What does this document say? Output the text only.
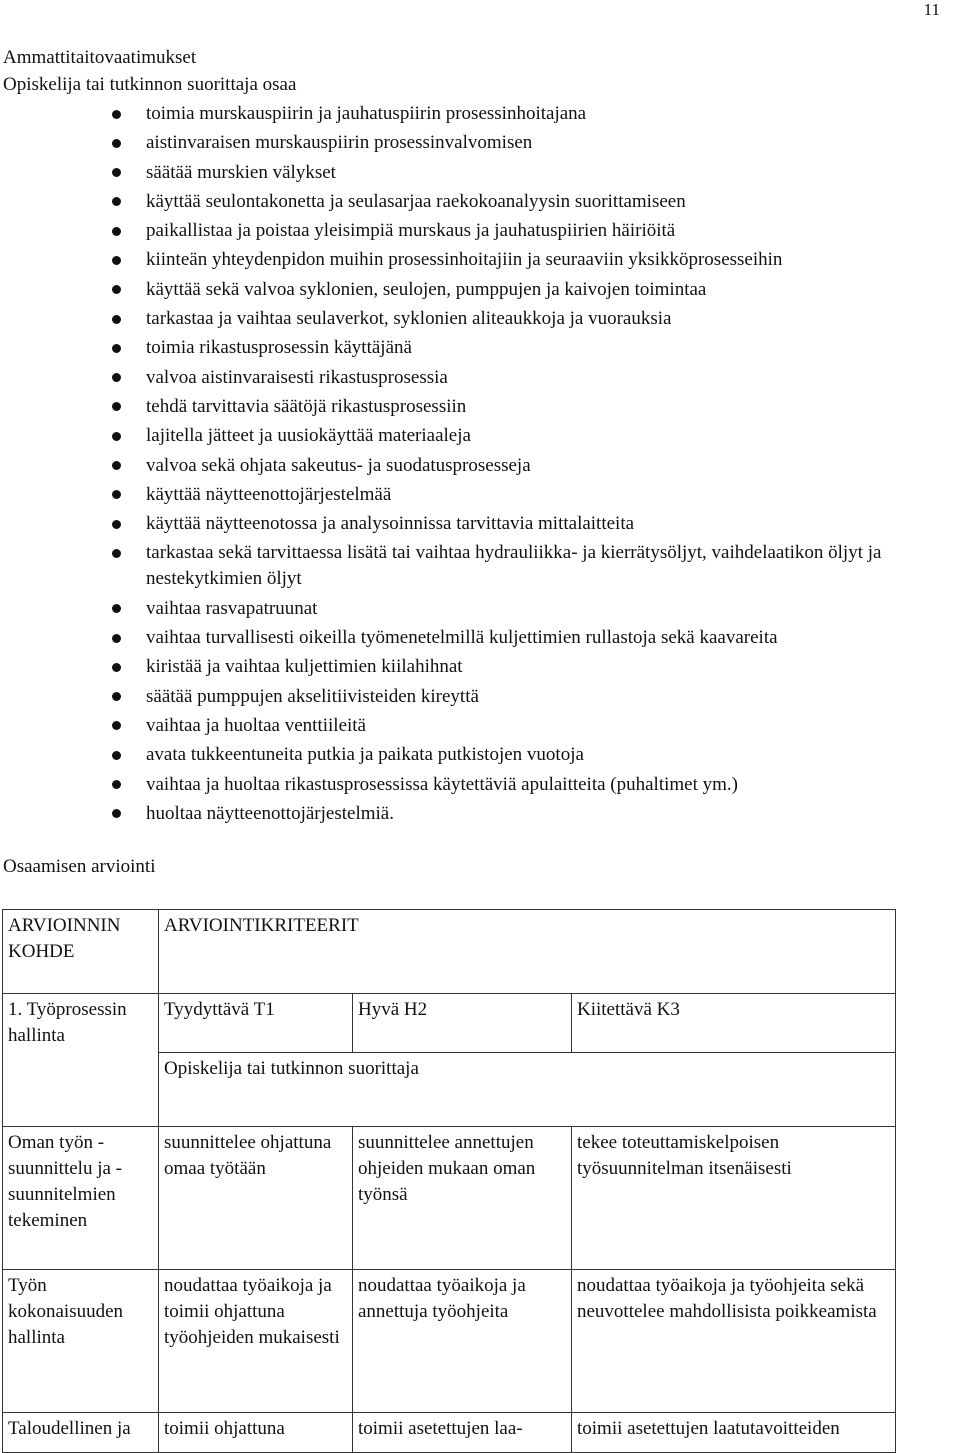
11
Ammattitaitovaatimukset
Opiskelija tai tutkinnon suorittaja osaa
toimia murskauspiirin ja jauhatuspiirin prosessinhoitajana
aistinvaraisen murskauspiirin prosessinvalvomisen
säätää murskien välykset
käyttää seulontakonetta ja seulasarjaa raekokoanalyysin suorittamiseen
paikallistaa ja poistaa yleisimpiä murskaus ja jauhatuspiirien häiriöitä
kiinteän yhteydenpidon muihin prosessinhoitajiin ja seuraaviin yksikköprosesseihin
käyttää sekä valvoa syklonien, seulojen, pumppujen ja kaivojen toimintaa
tarkastaa ja vaihtaa seulaverkot, syklonien aliteaukkoja ja vuorauksia
toimia rikastusprosessin käyttäjänä
valvoa aistinvaraisesti rikastusprosessia
tehdä tarvittavia säätöjä rikastusprosessiin
lajitella jätteet ja uusiokäyttää materiaaleja
valvoa sekä ohjata sakeutus- ja suodatusprosesseja
käyttää näytteenottojärjestelmää
käyttää näytteenotossa ja analysoinnissa tarvittavia mittalaitteita
tarkastaa sekä tarvittaessa lisätä tai vaihtaa hydrauliikka- ja kierrätysöljyt, vaihdelaatikon öljyt ja nestekytkimien öljyt
vaihtaa rasvapatruunat
vaihtaa turvallisesti oikeilla työmenetelmillä kuljettimien rullastoja sekä kaavareita
kiristää ja vaihtaa kuljettimien kiilahihnat
säätää pumppujen akselitiivisteiden kireyttä
vaihtaa ja huoltaa venttiileitä
avata tukkeentuneita putkia ja paikata putkistojen vuotoja
vaihtaa ja huoltaa rikastusprosessissa käytettäviä apulaitteita (puhaltimet ym.)
huoltaa näytteenottojärjestelmiä.
Osaamisen arviointi
ARVIOINNIN KOHDE	ARVIOINTIKRITEERIT		
1. Työprosessin hallinta	Tyydyttävä T1	Hyvä H2	Kiitettävä K3
	Opiskelija tai tutkinnon suorittaja		
Oman työn -suunnittelu ja -suunnitelmien tekeminen	suunnittelee ohjattuna omaa työtään	suunnittelee annettujen ohjeiden mukaan oman työnsä	tekee toteuttamiskelpoisen työsuunnitelman itsenäisesti
Työn kokonaisuuden hallinta	noudattaa työaikoja ja toimii ohjattuna työohjeiden mukaisesti	noudattaa työaikoja ja annettuja työohjeita	noudattaa työaikoja ja työohjeita sekä neuvottelee mahdollisista poikkeamista
Taloudellinen ja	toimii ohjattuna	toimii asetettujen laa-	toimii asetettujen laatutavoitteiden
